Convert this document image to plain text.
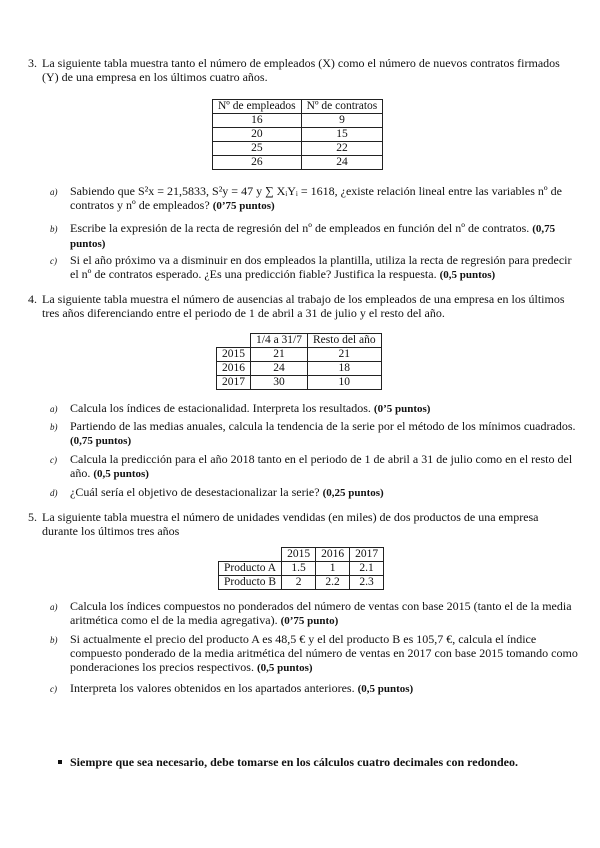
3. La siguiente tabla muestra tanto el número de empleados (X) como el número de nuevos contratos firmados (Y) de una empresa en los últimos cuatro años.
Nº de empleados	Nº de contratos
16	9
20	15
25	22
26	24
a) Sabiendo que S²x = 21,5833, S²y = 47 y ∑ XᵢYᵢ = 1618, ¿existe relación lineal entre las variables nº de contratos y nº de empleados? (0’75 puntos)
b) Escribe la expresión de la recta de regresión del nº de empleados en función del nº de contratos. (0,75 puntos)
c) Si el año próximo va a disminuir en dos empleados la plantilla, utiliza la recta de regresión para predecir el nº de contratos esperado. ¿Es una predicción fiable? Justifica la respuesta. (0,5 puntos)
4. La siguiente tabla muestra el número de ausencias al trabajo de los empleados de una empresa en los últimos tres años diferenciando entre el periodo de 1 de abril a 31 de julio y el resto del año.
	1/4 a 31/7	Resto del año
2015	21	21
2016	24	18
2017	30	10
a) Calcula los índices de estacionalidad. Interpreta los resultados. (0’5 puntos)
b) Partiendo de las medias anuales, calcula la tendencia de la serie por el método de los mínimos cuadrados. (0,75 puntos)
c) Calcula la predicción para el año 2018 tanto en el periodo de 1 de abril a 31 de julio como en el resto del año. (0,5 puntos)
d) ¿Cuál sería el objetivo de desestacionalizar la serie? (0,25 puntos)
5. La siguiente tabla muestra el número de unidades vendidas (en miles) de dos productos de una empresa durante los últimos tres años
	2015	2016	2017
Producto A	1.5	1	2.1
Producto B	2	2.2	2.3
a) Calcula los índices compuestos no ponderados del número de ventas con base 2015 (tanto el de la media aritmética como el de la media agregativa). (0’75 punto)
b) Si actualmente el precio del producto A es 48,5 € y el del producto B es 105,7 €, calcula el índice compuesto ponderado de la media aritmética del número de ventas en 2017 con base 2015 tomando como ponderaciones los precios respectivos. (0,5 puntos)
c) Interpreta los valores obtenidos en los apartados anteriores. (0,5 puntos)
Siempre que sea necesario, debe tomarse en los cálculos cuatro decimales con redondeo.
